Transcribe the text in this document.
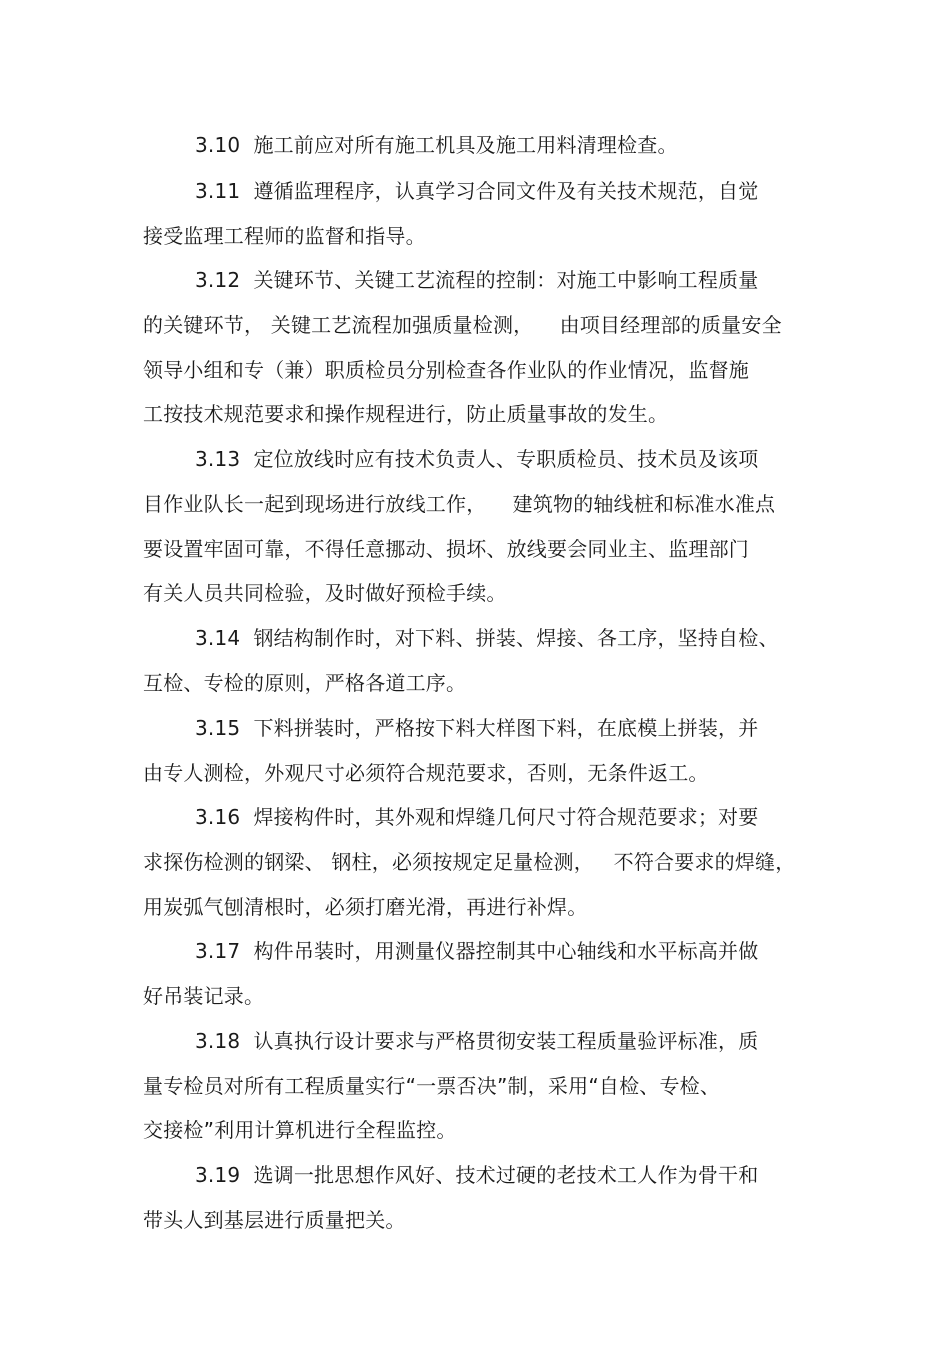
3.10  施工前应对所有施工机具及施工用料清理检查。
3.11  遵循监理程序，认真学习合同文件及有关技术规范，自觉
接受监理工程师的监督和指导。
3.12  关键环节、关键工艺流程的控制：对施工中影响工程质量
的关键环节， 关键工艺流程加强质量检测，    由项目经理部的质量安全
领导小组和专（兼）职质检员分别检查各作业队的作业情况，监督施
工按技术规范要求和操作规程进行，防止质量事故的发生。
3.13  定位放线时应有技术负责人、专职质检员、技术员及该项
目作业队长一起到现场进行放线工作，    建筑物的轴线桩和标准水准点
要设置牢固可靠，不得任意挪动、损坏、放线要会同业主、监理部门
有关人员共同检验，及时做好预检手续。
3.14  钢结构制作时，对下料、拼装、焊接、各工序，坚持自检、
互检、专检的原则，严格各道工序。
3.15  下料拼装时，严格按下料大样图下料，在底模上拼装，并
由专人测检，外观尺寸必须符合规范要求，否则，无条件返工。
3.16  焊接构件时，其外观和焊缝几何尺寸符合规范要求；对要
求探伤检测的钢梁、 钢柱，必须按规定足量检测，   不符合要求的焊缝，
用炭弧气刨清根时，必须打磨光滑，再进行补焊。
3.17  构件吊装时，用测量仪器控制其中心轴线和水平标高并做
好吊装记录。
3.18  认真执行设计要求与严格贯彻安装工程质量验评标准，质
量专检员对所有工程质量实行“一票否决”制，采用“自检、专检、
交接检”利用计算机进行全程监控。
3.19  选调一批思想作风好、技术过硬的老技术工人作为骨干和
带头人到基层进行质量把关。
